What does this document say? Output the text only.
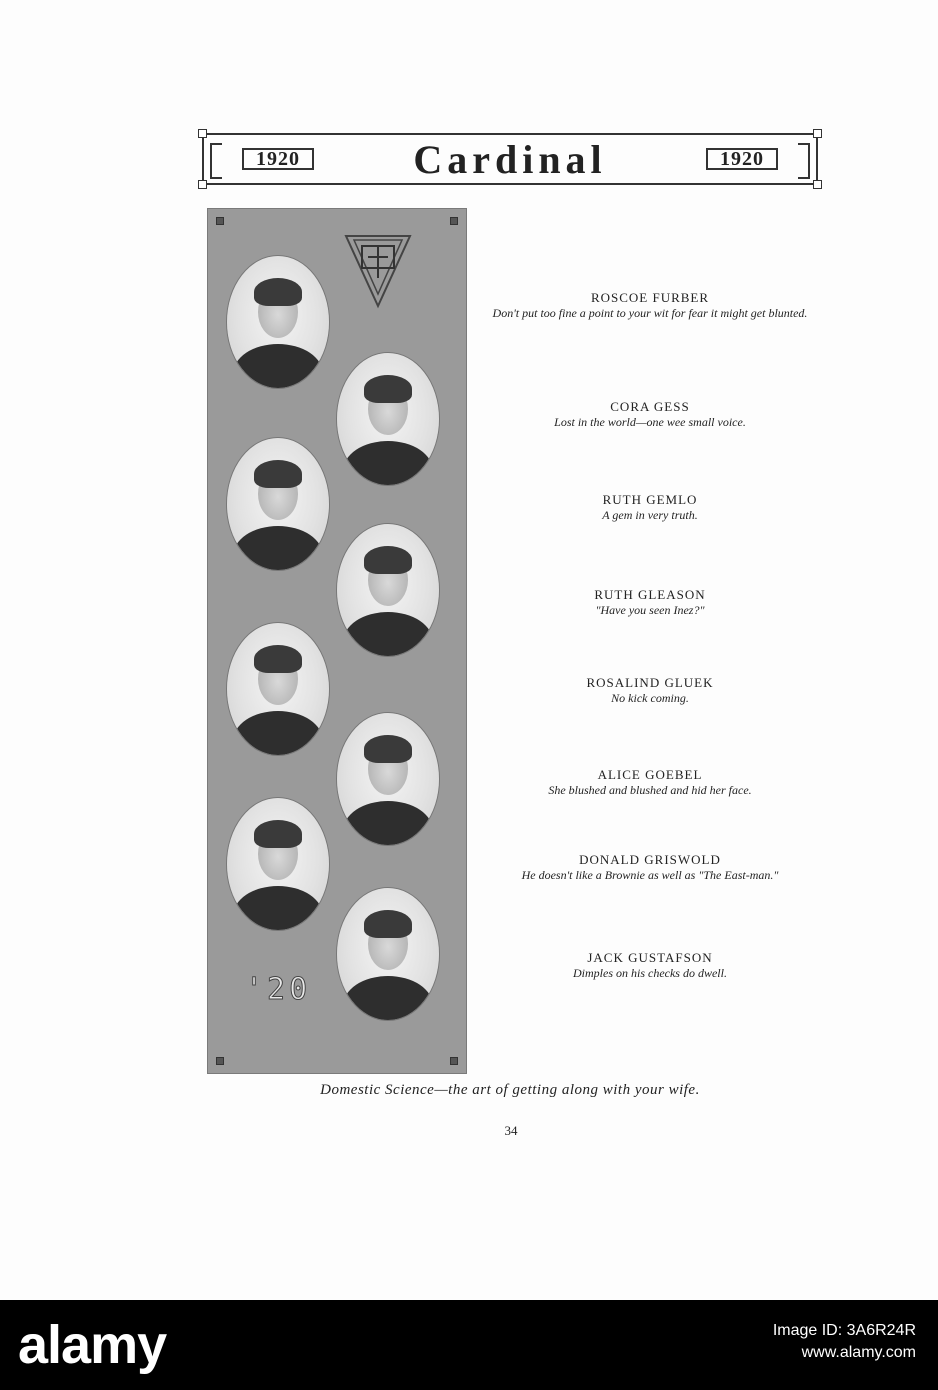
1920	Cardinal	1920
'20
ROSCOE FURBER
Don't put too fine a point to your wit for fear it might get blunted.
CORA GESS
Lost in the world—one wee small voice.
RUTH GEMLO
A gem in very truth.
RUTH GLEASON
"Have you seen Inez?"
ROSALIND GLUEK
No kick coming.
ALICE GOEBEL
She blushed and blushed and hid her face.
DONALD GRISWOLD
He doesn't like a Brownie as well as "The East-man."
JACK GUSTAFSON
Dimples on his checks do dwell.
Domestic Science—the art of getting along with your wife.
34
alamy	Image ID: 3A6R24R
www.alamy.com
